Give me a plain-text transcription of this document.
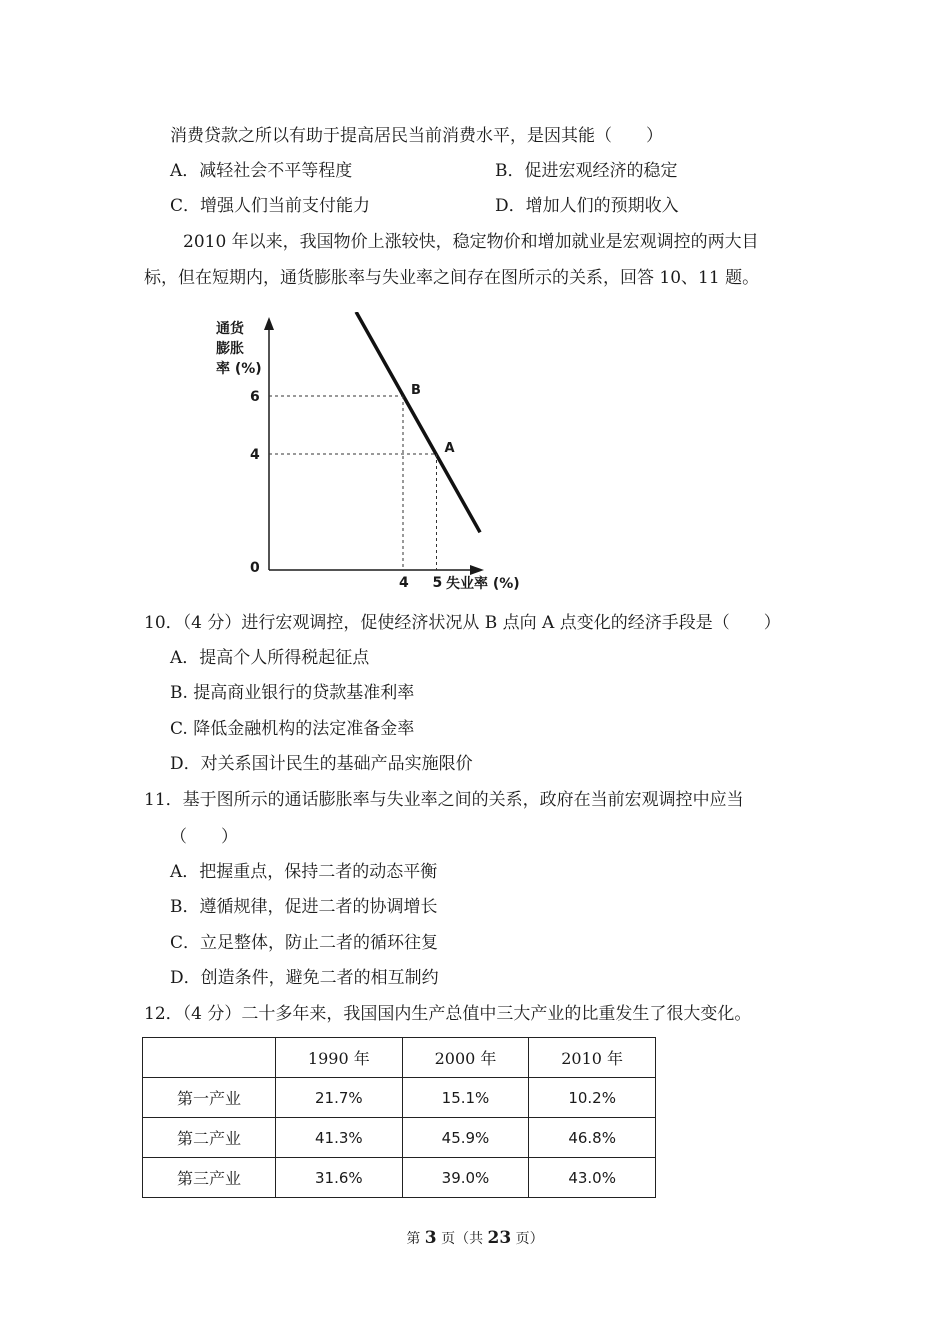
消费贷款之所以有助于提高居民当前消费水平，是因其能（　　）
A．减轻社会不平等程度	B．促进宏观经济的稳定
C．增强人们当前支付能力	D．增加人们的预期收入
2010 年以来，我国物价上涨较快，稳定物价和增加就业是宏观调控的两大目
标，但在短期内，通货膨胀率与失业率之间存在图所示的关系，回答 10、11 题。
通货
膨胀
率 (%)
失业率 (%)
0
B
A
6
4
4 5
10．（4 分）进行宏观调控，促使经济状况从 B 点向 A 点变化的经济手段是（　　）
A．提高个人所得税起征点
B. 提高商业银行的贷款基准利率
C. 降低金融机构的法定准备金率
D．对关系国计民生的基础产品实施限价
11．基于图所示的通话膨胀率与失业率之间的关系，政府在当前宏观调控中应当
（　　）
A．把握重点，保持二者的动态平衡
B．遵循规律，促进二者的协调增长
C．立足整体，防止二者的循环往复
D．创造条件，避免二者的相互制约
12．（4 分）二十多年来，我国国内生产总值中三大产业的比重发生了很大变化。
	1990 年	2000 年	2010 年
第一产业	21.7%	15.1%	10.2%
第二产业	41.3%	45.9%	46.8%
第三产业	31.6%	39.0%	43.0%
第 3 页（共 23 页）
